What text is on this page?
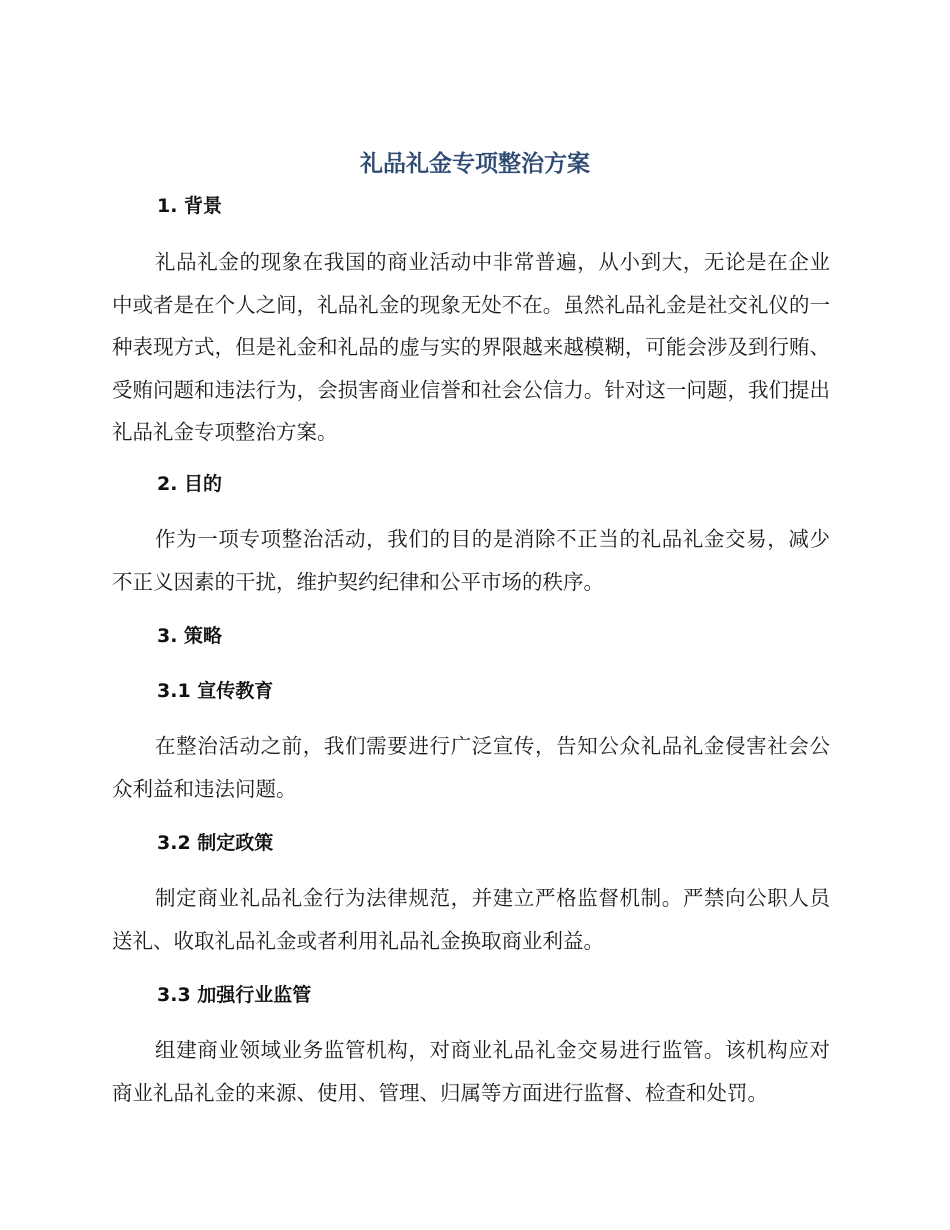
礼品礼金专项整治方案
1. 背景

礼品礼金的现象在我国的商业活动中非常普遍，从小到大，无论是在企业中或者是在个人之间，礼品礼金的现象无处不在。虽然礼品礼金是社交礼仪的一种表现方式，但是礼金和礼品的虚与实的界限越来越模糊，可能会涉及到行贿、受贿问题和违法行为，会损害商业信誉和社会公信力。针对这一问题，我们提出礼品礼金专项整治方案。

2. 目的

作为一项专项整治活动，我们的目的是消除不正当的礼品礼金交易，减少不正义因素的干扰，维护契约纪律和公平市场的秩序。

3. 策略
3.1 宣传教育

在整治活动之前，我们需要进行广泛宣传，告知公众礼品礼金侵害社会公众利益和违法问题。

3.2 制定政策

制定商业礼品礼金行为法律规范，并建立严格监督机制。严禁向公职人员送礼、收取礼品礼金或者利用礼品礼金换取商业利益。

3.3 加强行业监管

组建商业领域业务监管机构，对商业礼品礼金交易进行监管。该机构应对商业礼品礼金的来源、使用、管理、归属等方面进行监督、检查和处罚。
